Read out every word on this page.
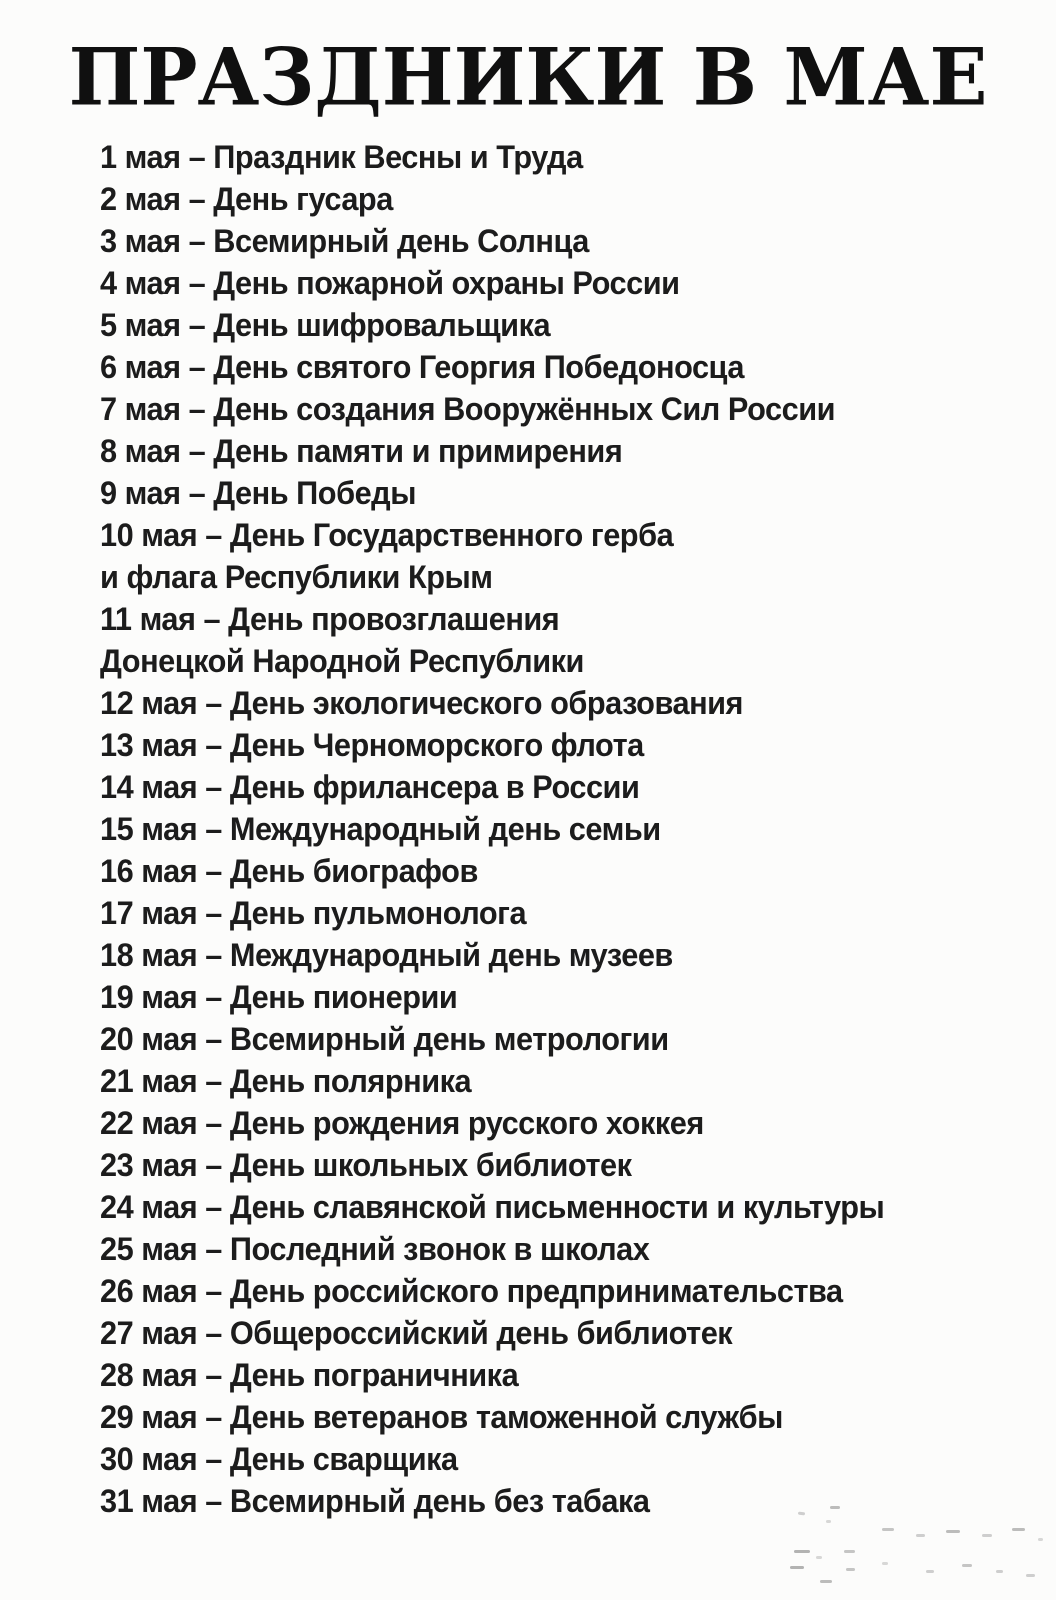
ПРАЗДНИКИ В МАЕ
1 мая – Праздник Весны и Труда
2 мая – День гусара
3 мая – Всемирный день Солнца
4 мая – День пожарной охраны России
5 мая – День шифровальщика
6 мая – День святого Георгия Победоносца
7 мая – День создания Вооружённых Сил России
8 мая – День памяти и примирения
9 мая – День Победы
10 мая – День Государственного герба
и флага Республики Крым
11 мая – День провозглашения
Донецкой Народной Республики
12 мая – День экологического образования
13 мая – День Черноморского флота
14 мая – День фрилансера в России
15 мая – Международный день семьи
16 мая – День биографов
17 мая – День пульмонолога
18 мая – Международный день музеев
19 мая – День пионерии
20 мая – Всемирный день метрологии
21 мая – День полярника
22 мая – День рождения русского хоккея
23 мая – День школьных библиотек
24 мая – День славянской письменности и культуры
25 мая – Последний звонок в школах
26 мая – День российского предпринимательства
27 мая – Общероссийский день библиотек
28 мая – День пограничника
29 мая – День ветеранов таможенной службы
30 мая – День сварщика
31 мая – Всемирный день без табака
